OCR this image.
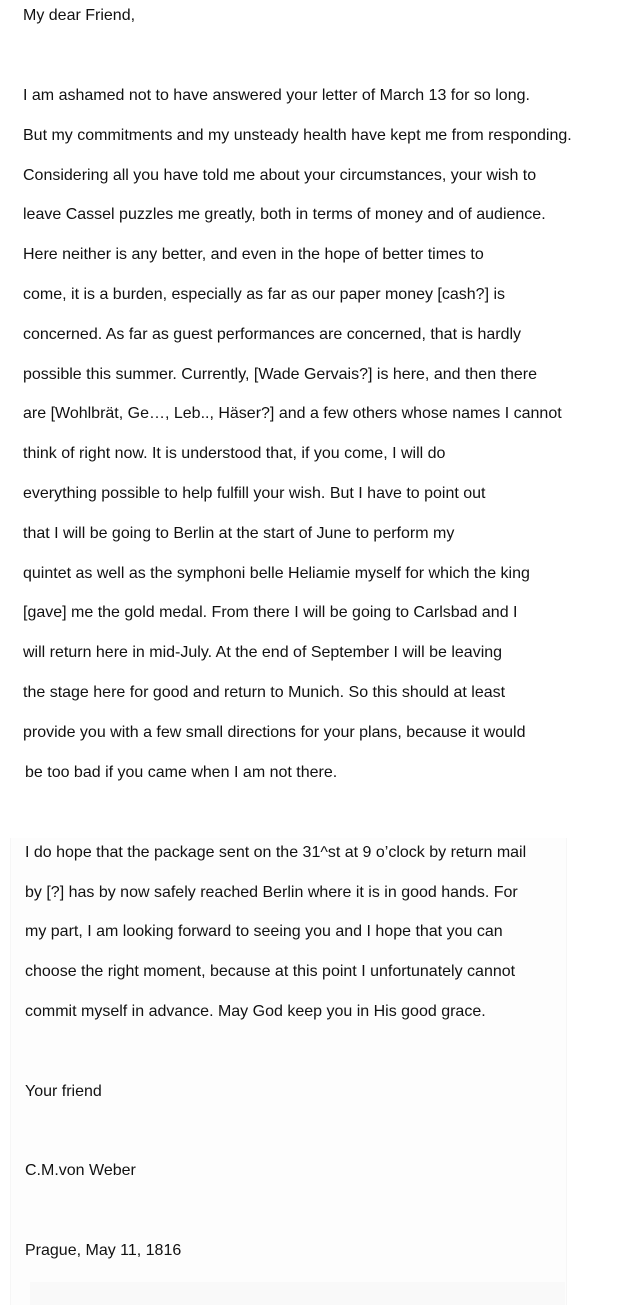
My dear Friend,
I am ashamed not to have answered your letter of March 13 for so long.
But my commitments and my unsteady health have kept me from responding.
Considering all you have told me about your circumstances, your wish to
leave Cassel puzzles me greatly, both in terms of money and of audience.
Here neither is any better, and even in the hope of better times to
come, it is a burden, especially as far as our paper money [cash?] is
concerned. As far as guest performances are concerned, that is hardly
possible this summer. Currently, [Wade Gervais?] is here, and then there
are [Wohlbrät, Ge…, Leb.., Häser?] and a few others whose names I cannot
think of right now. It is understood that, if you come, I will do
everything possible to help fulfill your wish. But I have to point out
that I will be going to Berlin at the start of June to perform my
quintet as well as the symphoni belle Heliamie myself for which the king
[gave] me the gold medal. From there I will be going to Carlsbad and I
will return here in mid-July. At the end of September I will be leaving
the stage here for good and return to Munich. So this should at least
provide you with a few small directions for your plans, because it would
be too bad if you came when I am not there.
I do hope that the package sent on the 31^st at 9 o’clock by return mail
by [?] has by now safely reached Berlin where it is in good hands. For
my part, I am looking forward to seeing you and I hope that you can
choose the right moment, because at this point I unfortunately cannot
commit myself in advance. May God keep you in His good grace.
Your friend
C.M.von Weber
Prague, May 11, 1816
